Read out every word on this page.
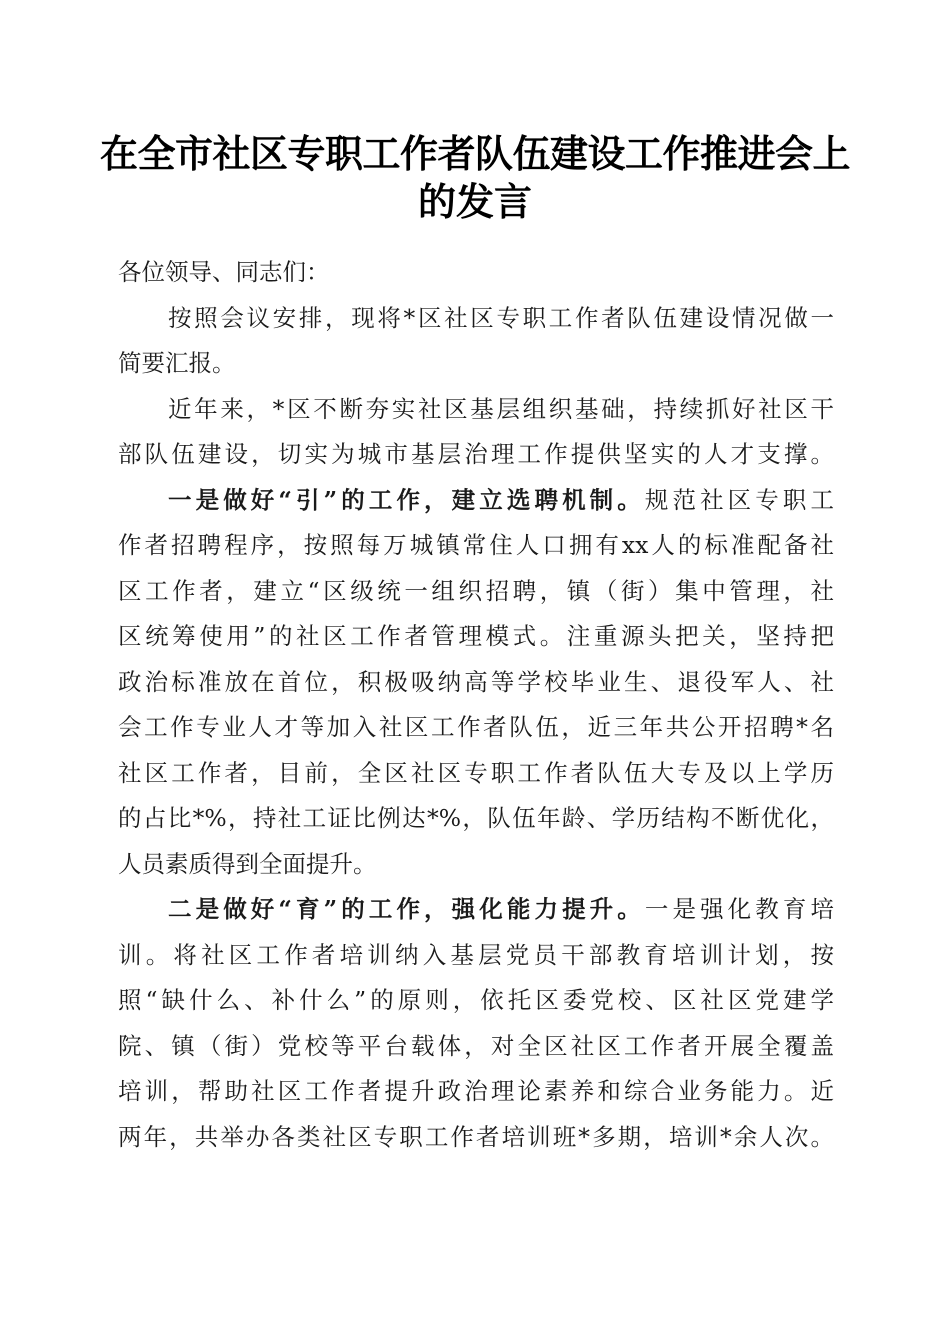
在全市社区专职工作者队伍建设工作推进会上
的发言
各位领导、同志们：
按照会议安排，现将*区社区专职工作者队伍建设情况做一
简要汇报。
近年来，*区不断夯实社区基层组织基础，持续抓好社区干
部队伍建设，切实为城市基层治理工作提供坚实的人才支撑。
一是做好“引”的工作，建立选聘机制。规范社区专职工
作者招聘程序，按照每万城镇常住人口拥有xx人的标准配备社
区工作者，建立“区级统一组织招聘，镇（街）集中管理，社
区统筹使用”的社区工作者管理模式。注重源头把关，坚持把
政治标准放在首位，积极吸纳高等学校毕业生、退役军人、社
会工作专业人才等加入社区工作者队伍，近三年共公开招聘*名
社区工作者，目前，全区社区专职工作者队伍大专及以上学历
的占比*%，持社工证比例达*%，队伍年龄、学历结构不断优化，
人员素质得到全面提升。
二是做好“育”的工作，强化能力提升。一是强化教育培
训。将社区工作者培训纳入基层党员干部教育培训计划，按
照“缺什么、补什么”的原则，依托区委党校、区社区党建学
院、镇（街）党校等平台载体，对全区社区工作者开展全覆盖
培训，帮助社区工作者提升政治理论素养和综合业务能力。近
两年，共举办各类社区专职工作者培训班*多期，培训*余人次。
